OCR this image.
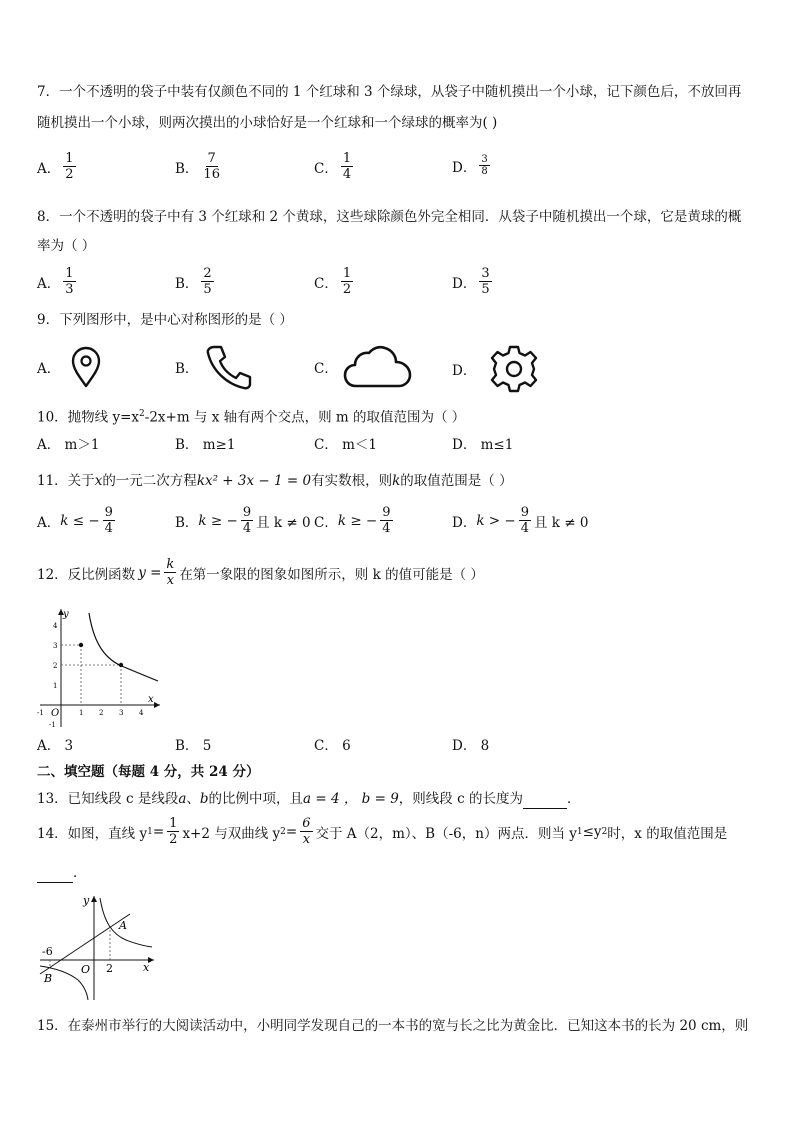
7．一个不透明的袋子中装有仅颜色不同的 1 个红球和 3 个绿球，从袋子中随机摸出一个小球，记下颜色后，不放回再
随机摸出一个小球，则两次摸出的小球恰好是一个红球和一个绿球的概率为( )
A． $\frac{1}{2}$	B． $\frac{7}{16}$	C． $\frac{1}{4}$	D． $\frac{3}{8}$
8．一个不透明的袋子中有 3 个红球和 2 个黄球，这些球除颜色外完全相同．从袋子中随机摸出一个球，它是黄球的概
率为（ ）
A． $\frac{1}{3}$	B． $\frac{2}{5}$	C． $\frac{1}{2}$	D． $\frac{3}{5}$
9．下列图形中，是中心对称图形的是（ ）
A．	B．	C．	D．
10．抛物线 $y=x^2-2x+m$ 与 x 轴有两个交点，则 m 的取值范围为（ ）
A． m＞1	B． m≥1	C． m＜1	D． m≤1
11．关于x的一元二次方程kx² + 3x − 1 = 0有实数根，则k的取值范围是（ ）
A． k ≤ − $\frac{9}{4}$	B． k ≥ − $\frac{9}{4}$ 且 k ≠ 0 C． k ≥ − $\frac{9}{4}$	D． k > − $\frac{9}{4}$ 且 k ≠ 0
12．反比例函数 $y = \frac{k}{x}$ 在第一象限的图象如图所示，则 k 的值可能是（ ）
y
x
O
-1	1 2 3 4
4
3
2
1
-1
A． 3	B． 5	C． 6	D． 8
二、填空题（每题 4 分，共 24 分）
13．已知线段 c 是线段a、b的比例中项，且a = 4 ， b = 9，则线段 c 的长度为	．
14．如图，直线 y $1 = \frac{1}{2} x+2$ 与双曲线 y $2 = \frac{6}{x}$ 交于 A（2，m）、B（-6，n）两点．则当 y 1 ≤y 2 时，x 的取值范围是
．
y
x
O
A
B
-6
2
15．在泰州市举行的大阅读活动中，小明同学发现自己的一本书的宽与长之比为黄金比．已知这本书的长为 20 cm，则
